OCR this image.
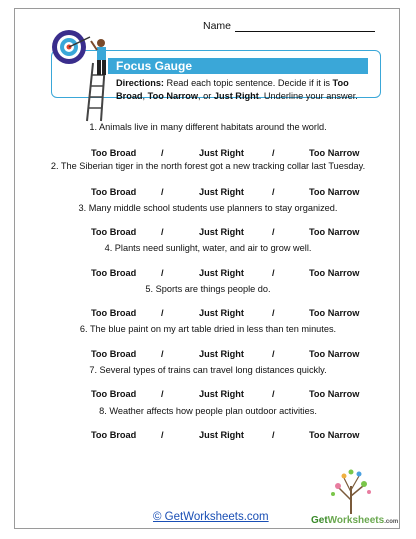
Name
Focus Gauge
Directions: Read each topic sentence. Decide if it is Too Broad, Too Narrow, or Just Right. Underline your answer.
1. Animals live in many different habitats around the world.
Too Broad	/	Just Right	/	Too Narrow
2. The Siberian tiger in the north forest got a new tracking collar last Tuesday.
Too Broad	/	Just Right	/	Too Narrow
3. Many middle school students use planners to stay organized.
Too Broad	/	Just Right	/	Too Narrow
4. Plants need sunlight, water, and air to grow well.
Too Broad	/	Just Right	/	Too Narrow
5. Sports are things people do.
Too Broad	/	Just Right	/	Too Narrow
6. The blue paint on my art table dried in less than ten minutes.
Too Broad	/	Just Right	/	Too Narrow
7. Several types of trains can travel long distances quickly.
Too Broad	/	Just Right	/	Too Narrow
8. Weather affects how people plan outdoor activities.
Too Broad	/	Just Right	/	Too Narrow
© GetWorksheets.com	GetWorksheets.com
